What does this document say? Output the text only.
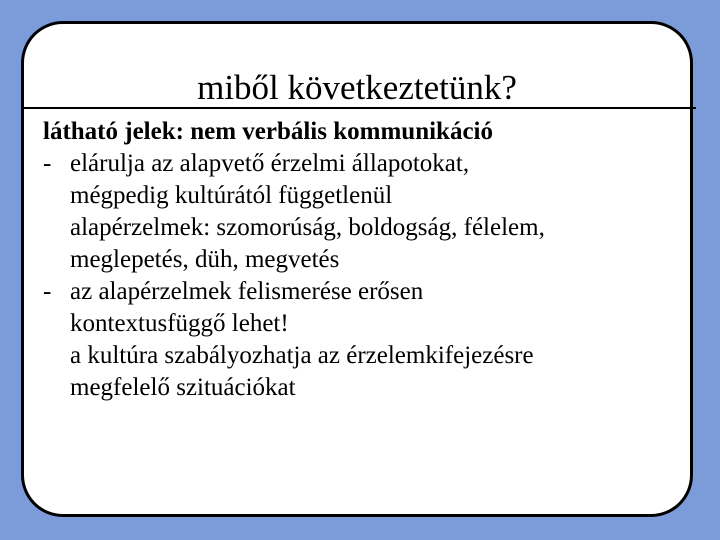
miből következtetünk?

látható jelek: nem verbális kommunikáció

- elárulja az alapvető érzelmi állapotokat,
mégpedig kultúrától függetlenül
alapérzelmek: szomorúság, boldogság, félelem,
meglepetés, düh, megvetés
- az alapérzelmek felismerése erősen
kontextusfüggő lehet!
a kultúra szabályozhatja az érzelemkifejezésre
megfelelő szituációkat
